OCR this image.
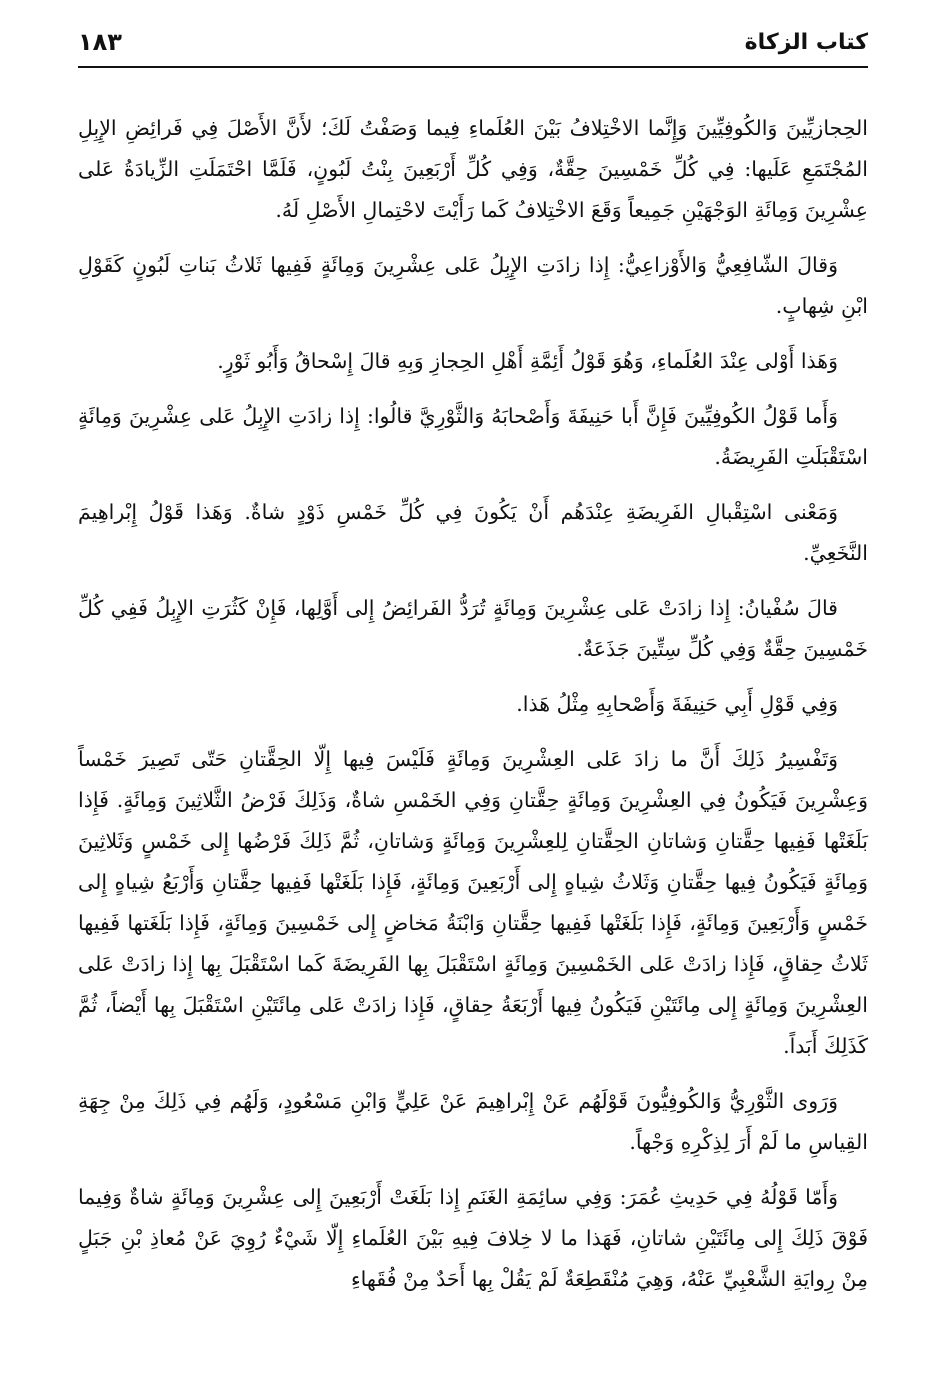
كتاب الزكاة
١٨٣

الحِجازيِّينَ وَالكُوفِيِّينَ وَإِنَّما الاخْتِلافُ بَيْنَ العُلَماءِ فِيما وَصَفْتُ لَكَ؛ لأَنَّ الأَصْلَ فِي فَرائِضِ الإِبِلِ المُجْتَمَعِ عَلَيها: فِي كُلِّ خَمْسِينَ حِقَّةٌ، وَفِي كُلِّ أَرْبَعِينَ بِنْتُ لَبُونٍ، فَلَمَّا احْتَمَلَتِ الزِّيادَةُ عَلى عِشْرِينَ وَمِائَةِ الوَجْهَيْنِ جَمِيعاً وَقَعَ الاخْتِلافُ كَما رَأَيْتَ لاحْتِمالِ الأَصْلِ لَهُ.

وَقالَ الشّافِعِيُّ وَالأَوْزاعِيُّ: إِذا زادَتِ الإِبِلُ عَلى عِشْرِينَ وَمِائَةٍ فَفِيها ثَلاثُ بَناتِ لَبُونٍ كَقَوْلِ ابْنِ شِهابٍ.

وَهَذا أَوْلى عِنْدَ العُلَماءِ، وَهُوَ قَوْلُ أَئِمَّةِ أَهْلِ الحِجازِ وَبِهِ قالَ إِسْحاقُ وَأَبُو ثَوْرٍ.

وَأَما قَوْلُ الكُوفِيِّينَ فَإِنَّ أَبا حَنِيفَةَ وَأَصْحابَهُ وَالثَّوْرِيَّ قالُوا: إِذا زادَتِ الإِبِلُ عَلى عِشْرِينَ وَمِائَةٍ اسْتَقْبَلَتِ الفَرِيضَةُ.

وَمَعْنى اسْتِقْبالِ الفَرِيضَةِ عِنْدَهُم أَنْ يَكُونَ فِي كُلِّ خَمْسِ ذَوْدٍ شاةٌ. وَهَذا قَوْلُ إِبْراهِيمَ النَّخَعِيِّ.

قالَ سُفْيانُ: إِذا زادَتْ عَلى عِشْرِينَ وَمِائَةٍ تُرَدُّ الفَرائِضُ إِلى أَوَّلِها، فَإِنْ كَثُرَتِ الإِبِلُ فَفِي كُلِّ خَمْسِينَ حِقَّةٌ وَفِي كُلِّ سِتِّينَ جَذَعَةٌ.

وَفِي قَوْلِ أَبِي حَنِيفَةَ وَأَصْحابِهِ مِثْلُ هَذا.

وَتَفْسِيرُ ذَلِكَ أَنَّ ما زادَ عَلى العِشْرِينَ وَمِائَةٍ فَلَيْسَ فِيها إِلّا الحِقَّتانِ حَتّى تَصِيرَ خَمْساً وَعِشْرِينَ فَيَكُونُ فِي العِشْرِينَ وَمِائَةٍ حِقَّتانِ وَفِي الخَمْسِ شاةٌ، وَذَلِكَ فَرْضُ الثَّلاثِينَ وَمِائَةٍ. فَإِذا بَلَغَتْها فَفِيها حِقَّتانِ وَشاتانِ الحِقَّتانِ لِلعِشْرِينَ وَمِائَةٍ وَشاتانِ، ثُمَّ ذَلِكَ فَرْضُها إِلى خَمْسٍ وَثَلاثِينَ وَمِائَةٍ فَيَكُونُ فِيها حِقَّتانِ وَثَلاثُ شِياهٍ إِلى أَرْبَعِينَ وَمِائَةٍ، فَإِذا بَلَغَتْها فَفِيها حِقَّتانِ وَأَرْبَعُ شِياهٍ إِلى خَمْسٍ وَأَرْبَعِينَ وَمِائَةٍ، فَإِذا بَلَغَتْها فَفِيها حِقَّتانِ وَابْنَةُ مَخاضٍ إِلى خَمْسِينَ وَمِائَةٍ، فَإِذا بَلَغَتها فَفِيها ثَلاثُ حِقاقٍ، فَإِذا زادَتْ عَلى الخَمْسِينَ وَمِائَةٍ اسْتَقْبَلَ بِها الفَرِيضَةَ كَما اسْتَقْبَلَ بِها إِذا زادَتْ عَلى العِشْرِينَ وَمِائَةٍ إِلى مِائَتَيْنِ فَيَكُونُ فِيها أَرْبَعَةُ حِقاقٍ، فَإِذا زادَتْ عَلى مِائَتَيْنِ اسْتَقْبَلَ بِها أَيْضاً، ثُمَّ كَذَلِكَ أَبَداً.

وَرَوى الثَّوْرِيُّ وَالكُوفِيُّونَ قَوْلَهُم عَنْ إِبْراهِيمَ عَنْ عَلِيٍّ وَابْنِ مَسْعُودٍ، وَلَهُم فِي ذَلِكَ مِنْ جِهَةِ القِياسِ ما لَمْ أَرَ لِذِكْرِهِ وَجْهاً.

وَأَمّا قَوْلُهُ فِي حَدِيثِ عُمَرَ: وَفِي سائِمَةِ الغَنَمِ إِذا بَلَغَتْ أَرْبَعِينَ إِلى عِشْرِينَ وَمِائَةٍ شاةٌ وَفِيما فَوْقَ ذَلِكَ إِلى مِائَتَيْنِ شاتانِ، فَهَذا ما لا خِلافَ فِيهِ بَيْنَ العُلَماءِ إِلّا شَيْءٌ رُوِيَ عَنْ مُعاذِ بْنِ جَبَلٍ مِنْ رِوايَةِ الشَّعْبِيِّ عَنْهُ، وَهِيَ مُنْقَطِعَةٌ لَمْ يَقُلْ بِها أَحَدٌ مِنْ فُقَهاءِ
